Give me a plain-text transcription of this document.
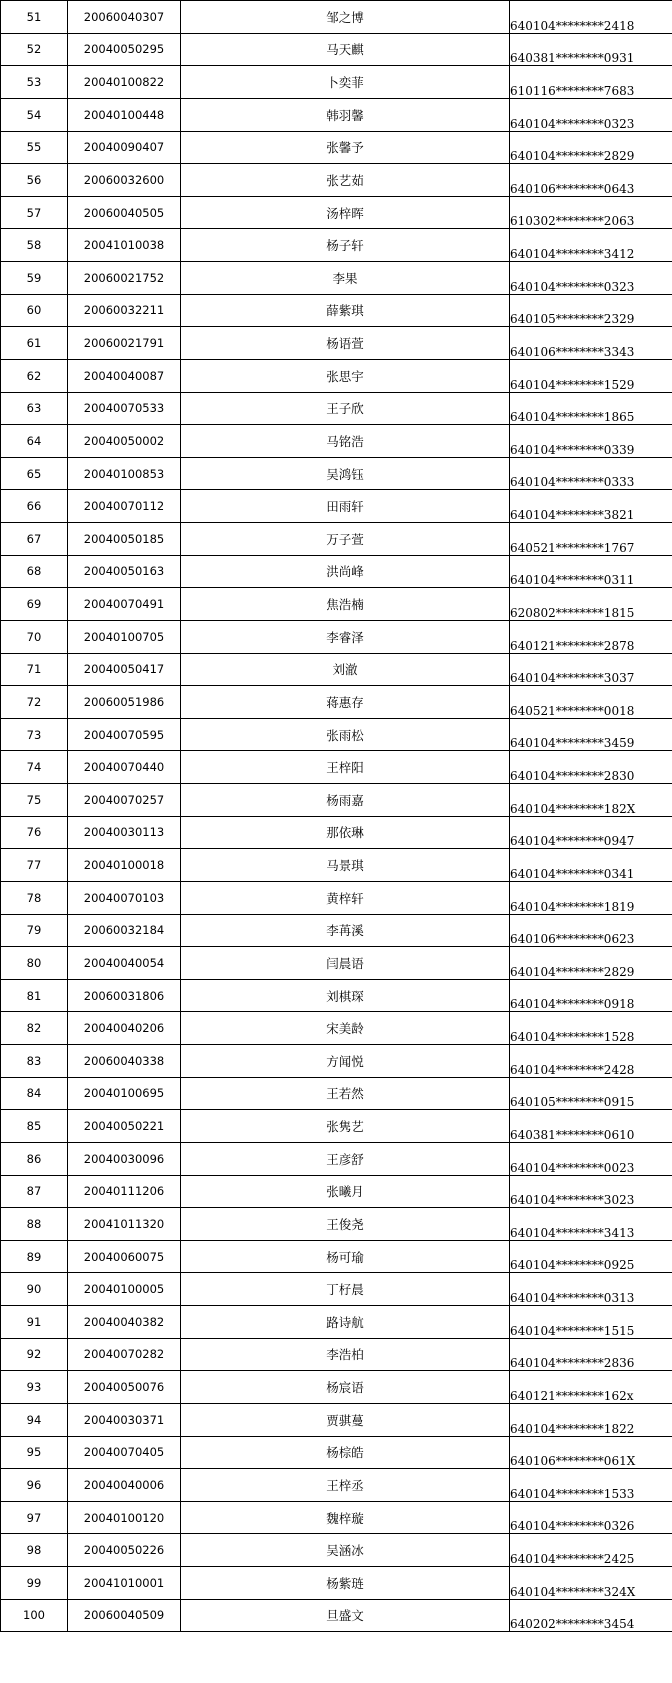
51	20060040307	邹之博	640104********2418
52	20040050295	马天麒	640381********0931
53	20040100822	卜奕菲	610116********7683
54	20040100448	韩羽馨	640104********0323
55	20040090407	张馨予	640104********2829
56	20060032600	张艺茹	640106********0643
57	20060040505	汤梓晖	610302********2063
58	20041010038	杨子轩	640104********3412
59	20060021752	李果	640104********0323
60	20060032211	薛紫琪	640105********2329
61	20060021791	杨语萱	640106********3343
62	20040040087	张思宇	640104********1529
63	20040070533	王子欣	640104********1865
64	20040050002	马铭浩	640104********0339
65	20040100853	吴鸿钰	640104********0333
66	20040070112	田雨轩	640104********3821
67	20040050185	万子萱	640521********1767
68	20040050163	洪尚峰	640104********0311
69	20040070491	焦浩楠	620802********1815
70	20040100705	李睿泽	640121********2878
71	20040050417	刘澈	640104********3037
72	20060051986	蒋惠存	640521********0018
73	20040070595	张雨松	640104********3459
74	20040070440	王梓阳	640104********2830
75	20040070257	杨雨嘉	640104********182X
76	20040030113	那依琳	640104********0947
77	20040100018	马景琪	640104********0341
78	20040070103	黄梓轩	640104********1819
79	20060032184	李苒溪	640106********0623
80	20040040054	闫晨语	640104********2829
81	20060031806	刘棋琛	640104********0918
82	20040040206	宋美龄	640104********1528
83	20060040338	方闻悦	640104********2428
84	20040100695	王若然	640105********0915
85	20040050221	张隽艺	640381********0610
86	20040030096	王彦舒	640104********0023
87	20040111206	张曦月	640104********3023
88	20041011320	王俊尧	640104********3413
89	20040060075	杨可瑜	640104********0925
90	20040100005	丁杍晨	640104********0313
91	20040040382	路诗航	640104********1515
92	20040070282	李浩柏	640104********2836
93	20040050076	杨宸语	640121********162x
94	20040030371	贾骐蔓	640104********1822
95	20040070405	杨棕皓	640106********061X
96	20040040006	王梓丞	640104********1533
97	20040100120	魏梓璇	640104********0326
98	20040050226	吴涵冰	640104********2425
99	20041010001	杨紫琏	640104********324X
100	20060040509	旦盛文	640202********3454
